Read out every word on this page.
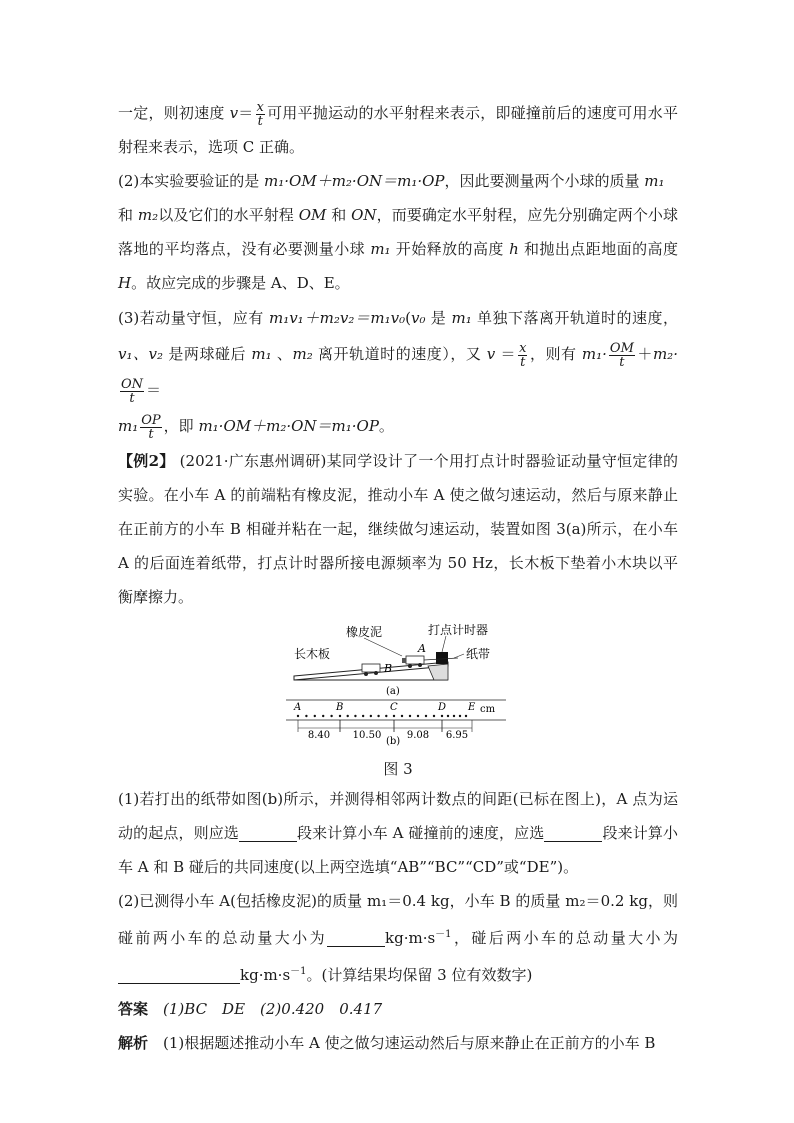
一定，则初速度 $v= \frac{x}{t}$ 可用平抛运动的水平射程来表示，即碰撞前后的速度可用水平射程来表示，选项 C 正确。

(2)本实验要验证的是 m₁·OM＋m₂·ON＝m₁·OP，因此要测量两个小球的质量 m₁
和 m₂以及它们的水平射程 OM 和 ON，而要确定水平射程，应先分别确定两个小球落地的平均落点，没有必要测量小球 m₁ 开始释放的高度 h 和抛出点距地面的高度 H。故应完成的步骤是 A、D、E。

(3)若动量守恒，应有 m₁v₁＋m₂v₂＝m₁v₀(v₀ 是 m₁ 单独下落离开轨道时的速度，v₁、v₂ 是两球碰后 m₁ 、m₂ 离开轨道时的速度），又 $v = \frac{x}{t}$ ，则有 $m_1\cdot \frac{OM}{t} +m_2\cdot$
$\frac{ON}{t}$ ＝
$m_1 \frac{OP}{t}$ ，即 m₁·OM＋m₂·ON＝m₁·OP。

【例2】 (2021·广东惠州调研)某同学设计了一个用打点计时器验证动量守恒定律的实验。在小车 A 的前端粘有橡皮泥，推动小车 A 使之做匀速运动，然后与原来静止在正前方的小车 B 相碰并粘在一起，继续做匀速运动，装置如图 3(a)所示，在小车 A 的后面连着纸带，打点计时器所接电源频率为 50 Hz，长木板下垫着小木块以平衡摩擦力。

橡皮泥	打点计时器
长木板	纸带
B
A
(a)
A	B	C	D E
8.40 10.50	9.08 6.95
cm
(b)

图 3

(1)若打出的纸带如图(b)所示，并测得相邻两计数点的间距(已标在图上)，A 点为运动的起点，则应选	段来计算小车 A 碰撞前的速度，应选	段来计算小车 A 和 B 碰后的共同速度(以上两空选填“AB”“BC”“CD”或“DE”)。

(2)已测得小车 A(包括橡皮泥)的质量 m₁＝0.4 kg，小车 B 的质量 m₂＝0.2 kg，则碰前两小车的总动量大小为	$kg\cdot m\cdot s^{-1}$，碰后两小车的总动量大小为$kg\cdot m\cdot s^{-1}$。(计算结果均保留 3 位有效数字)

答案　 (1)BC　DE　(2)0.420　0.417

解析　 (1)根据题述推动小车 A 使之做匀速运动然后与原来静止在正前方的小车 B
